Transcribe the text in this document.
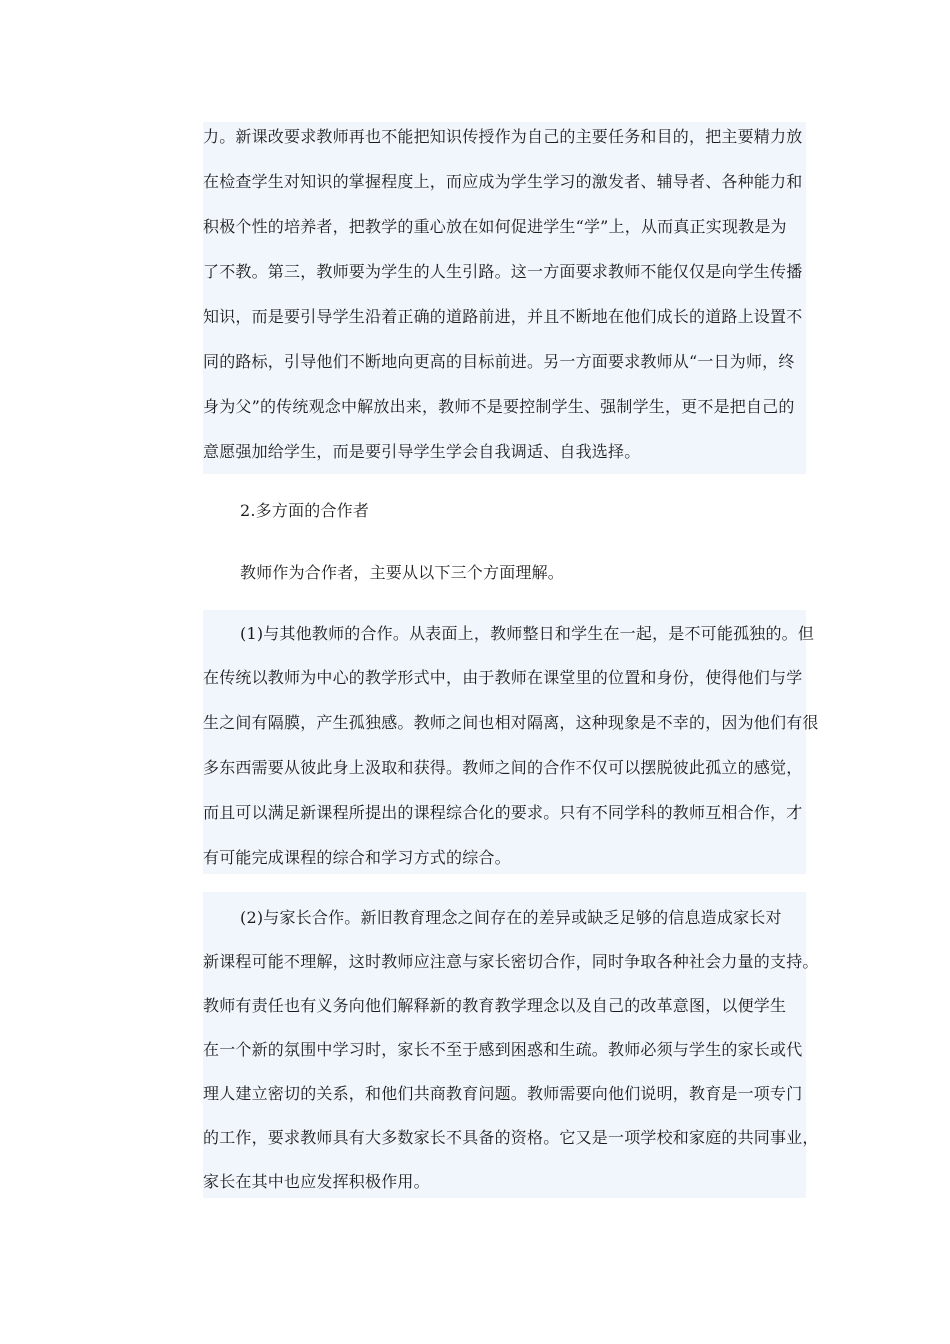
力。新课改要求教师再也不能把知识传授作为自己的主要任务和目的，把主要精力放
在检查学生对知识的掌握程度上，而应成为学生学习的激发者、辅导者、各种能力和
积极个性的培养者，把教学的重心放在如何促进学生“学”上，从而真正实现教是为
了不教。第三，教师要为学生的人生引路。这一方面要求教师不能仅仅是向学生传播
知识，而是要引导学生沿着正确的道路前进，并且不断地在他们成长的道路上设置不
同的路标，引导他们不断地向更高的目标前进。另一方面要求教师从“一日为师，终
身为父”的传统观念中解放出来，教师不是要控制学生、强制学生，更不是把自己的
意愿强加给学生，而是要引导学生学会自我调适、自我选择。
2.多方面的合作者
教师作为合作者，主要从以下三个方面理解。
(1)与其他教师的合作。从表面上，教师整日和学生在一起，是不可能孤独的。但
在传统以教师为中心的教学形式中，由于教师在课堂里的位置和身份，使得他们与学
生之间有隔膜，产生孤独感。教师之间也相对隔离，这种现象是不幸的，因为他们有很
多东西需要从彼此身上汲取和获得。教师之间的合作不仅可以摆脱彼此孤立的感觉，
而且可以满足新课程所提出的课程综合化的要求。只有不同学科的教师互相合作，才
有可能完成课程的综合和学习方式的综合。
(2)与家长合作。新旧教育理念之间存在的差异或缺乏足够的信息造成家长对
新课程可能不理解，这时教师应注意与家长密切合作，同时争取各种社会力量的支持。
教师有责任也有义务向他们解释新的教育教学理念以及自己的改革意图，以便学生
在一个新的氛围中学习时，家长不至于感到困惑和生疏。教师必须与学生的家长或代
理人建立密切的关系，和他们共商教育问题。教师需要向他们说明，教育是一项专门
的工作，要求教师具有大多数家长不具备的资格。它又是一项学校和家庭的共同事业，
家长在其中也应发挥积极作用。
